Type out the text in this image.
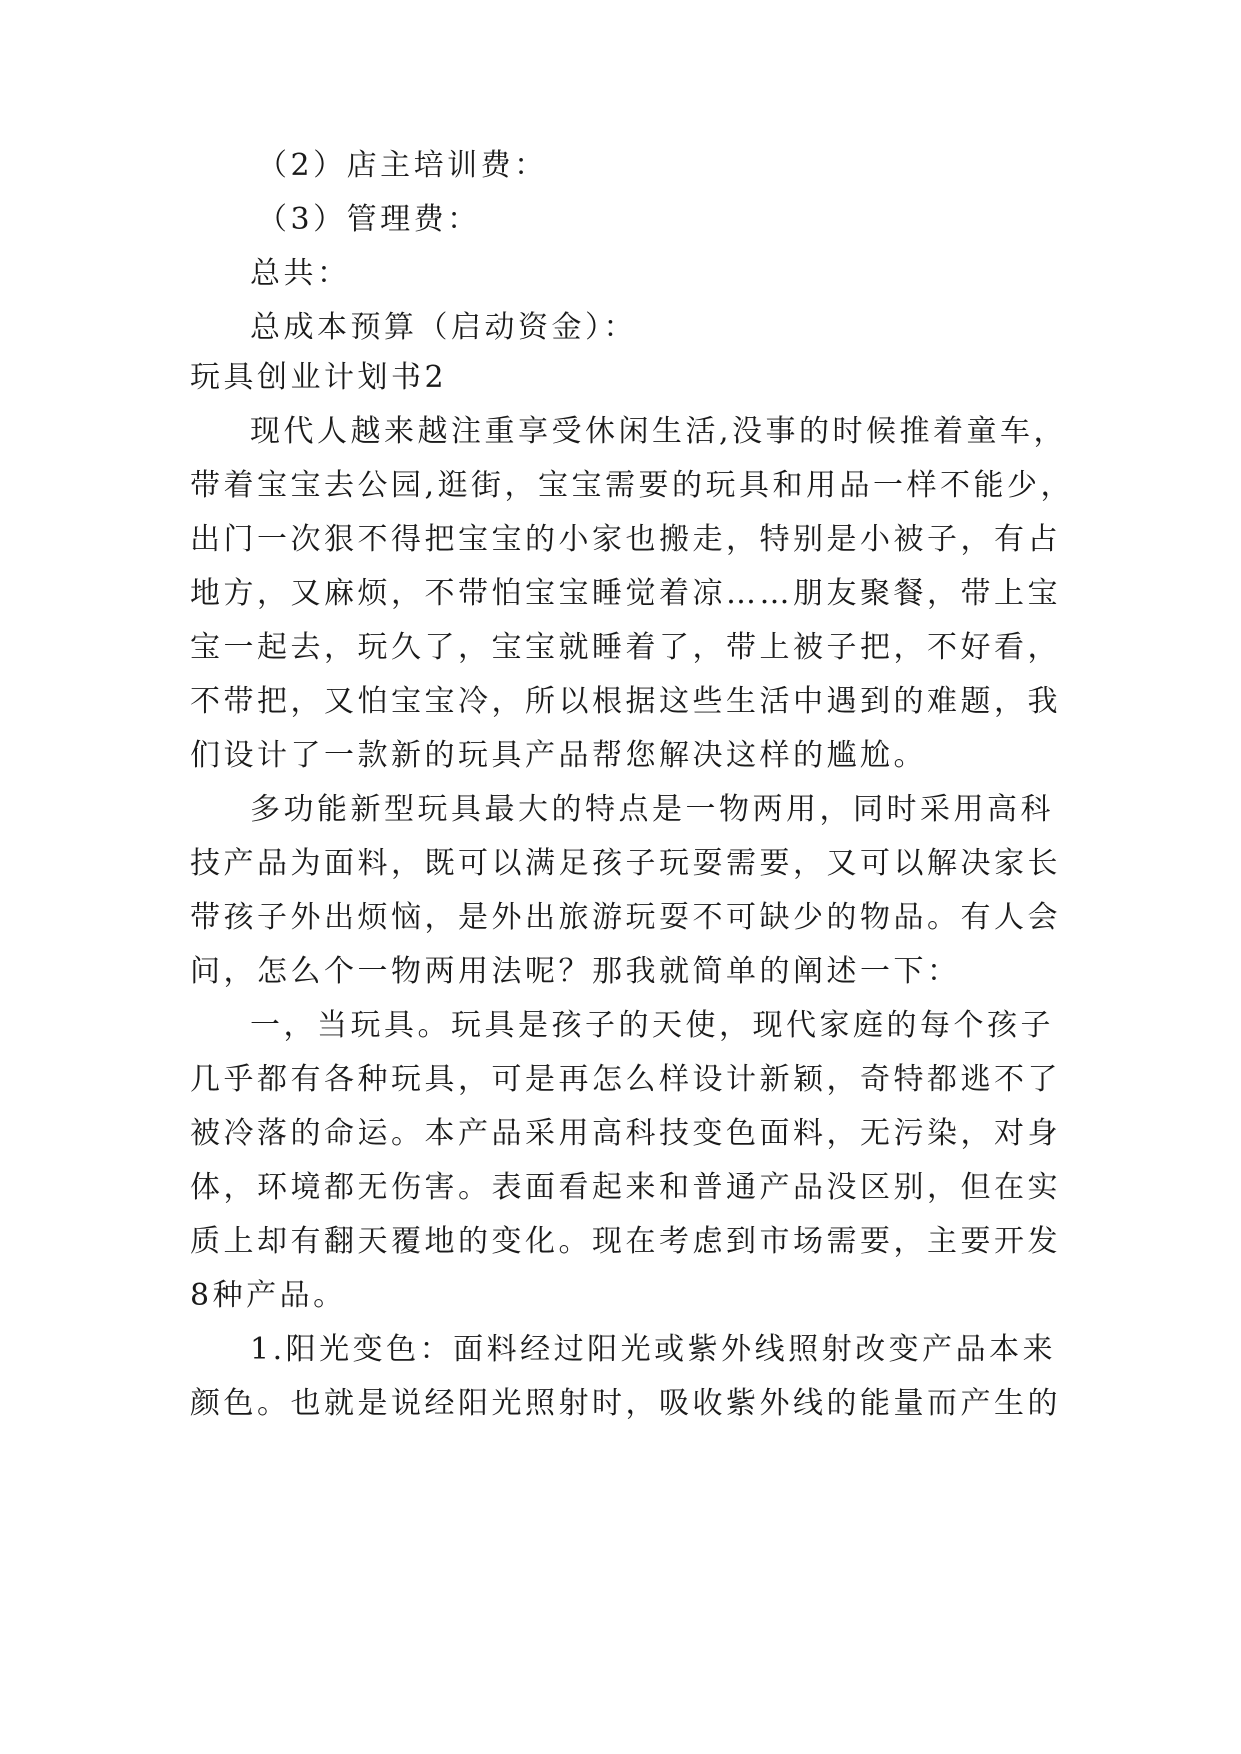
（2）店主培训费：
（3）管理费：
总共：
总成本预算（启动资金）：
玩具创业计划书2
现代人越来越注重享受休闲生活,没事的时候推着童车，
带着宝宝去公园,逛街，宝宝需要的玩具和用品一样不能少，
出门一次狠不得把宝宝的小家也搬走，特别是小被子，有占
地方，又麻烦，不带怕宝宝睡觉着凉……朋友聚餐，带上宝
宝一起去，玩久了，宝宝就睡着了，带上被子把，不好看，
不带把，又怕宝宝冷，所以根据这些生活中遇到的难题，我
们设计了一款新的玩具产品帮您解决这样的尴尬。
多功能新型玩具最大的特点是一物两用，同时采用高科
技产品为面料，既可以满足孩子玩耍需要，又可以解决家长
带孩子外出烦恼，是外出旅游玩耍不可缺少的物品。有人会
问，怎么个一物两用法呢？那我就简单的阐述一下：
一，当玩具。玩具是孩子的天使，现代家庭的每个孩子
几乎都有各种玩具，可是再怎么样设计新颖，奇特都逃不了
被冷落的命运。本产品采用高科技变色面料，无污染，对身
体，环境都无伤害。表面看起来和普通产品没区别，但在实
质上却有翻天覆地的变化。现在考虑到市场需要，主要开发
8种产品。
1.阳光变色：面料经过阳光或紫外线照射改变产品本来
颜色。也就是说经阳光照射时，吸收紫外线的能量而产生的
